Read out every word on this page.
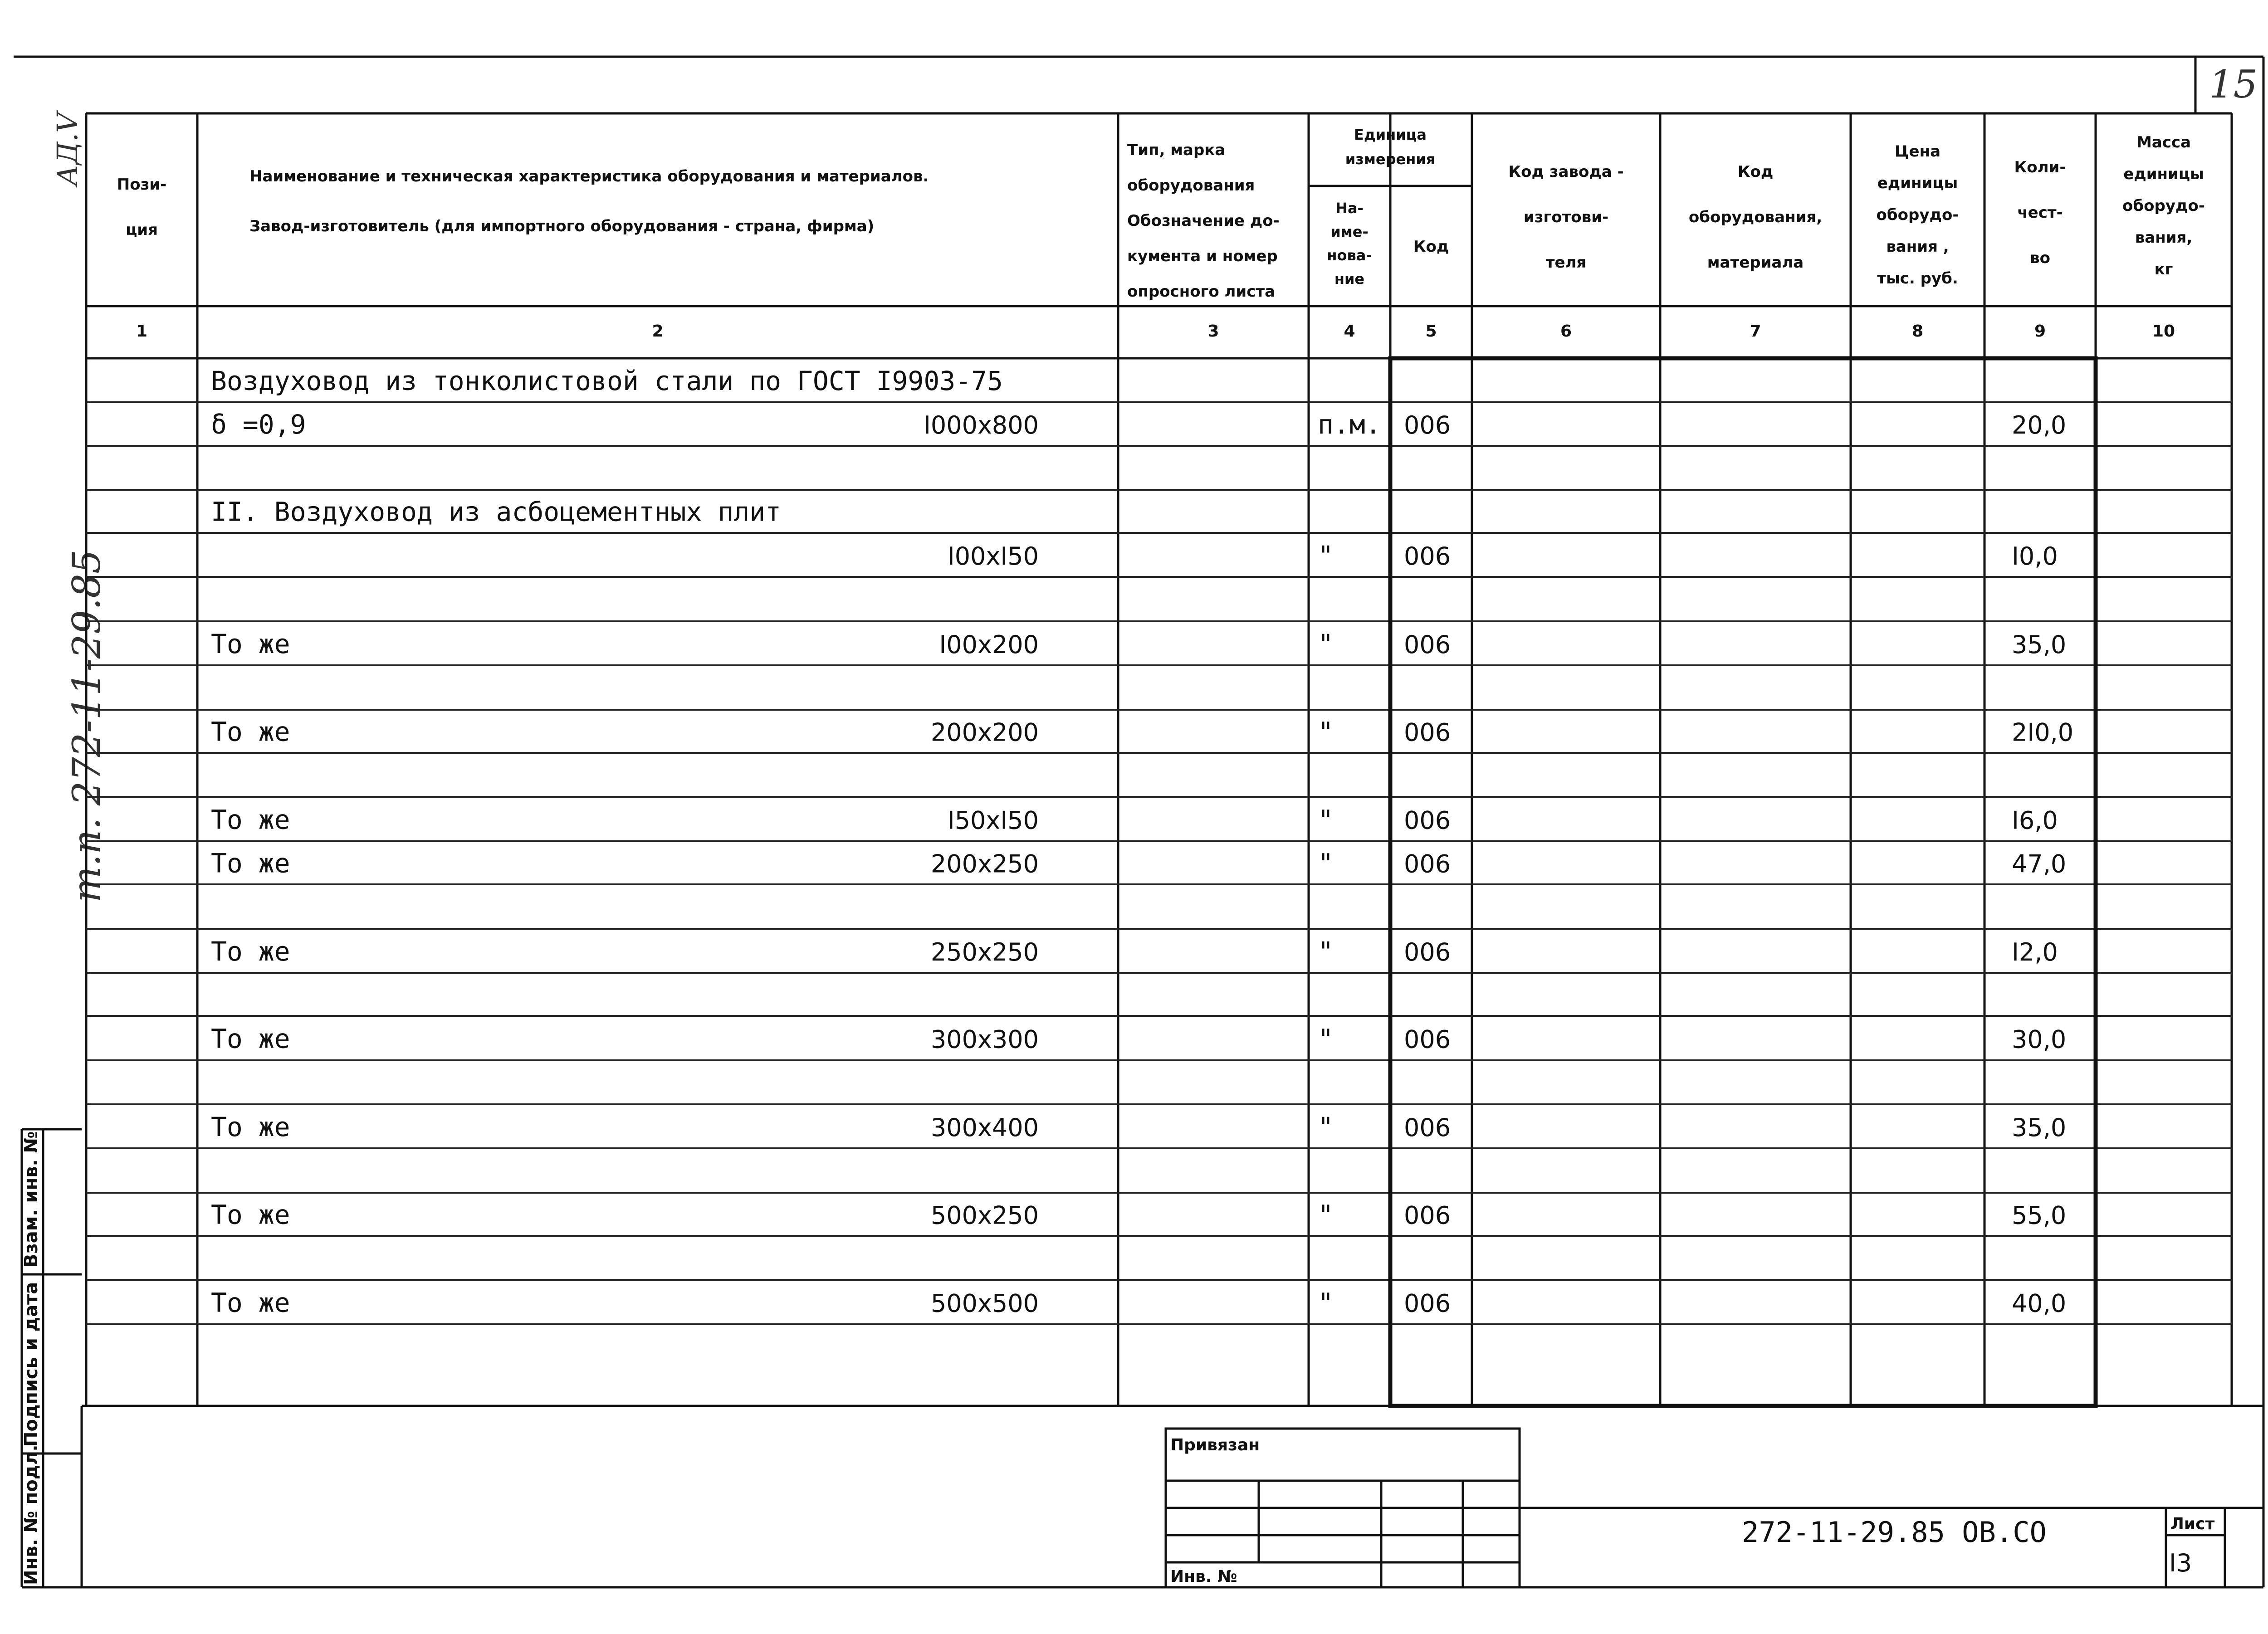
15
АД.V
т.п. 272-11-29.85
Пози-
ция
Наименование и техническая характеристика оборудования и материалов.
Завод-изготовитель (для импортного оборудования - страна, фирма)
Тип, марка
оборудования
Обозначение до-
кумента и номер
опросного листа
Единица
измерения
На-
име-
нова-
ние
Код
Код завода -
изготови-
теля
Код
оборудования,
материала
Цена
единицы
оборудо-
вания ,
тыс. руб.
Коли-
чест-
во
Масса
единицы
оборудо-
вания,
кг
1	2	3	4	5	6	7	8	9	10
Воздуховод из тонколистовой стали по ГОСТ I9903-75
δ =0,9	I000x800	п.м. 006	20,0
II. Воздуховод из асбоцементных плит
I00xI50	"	006	I0,0
То же	I00x200	"	006	35,0
То же	200x200	"	006	2I0,0
То же	I50xI50	"	006	I6,0
То же	200x250	"	006	47,0
То же	250x250	"	006	I2,0
То же	300x300	"	006	30,0
То же	300x400	"	006	35,0
То же	500x250	"	006	55,0
То же	500x500	"	006	40,0
Взам. инв. №
Подпись и дата
Инв. № подл.	Привязан
Инв. №
272-11-29.85 ОВ.СО	Лист
I3
